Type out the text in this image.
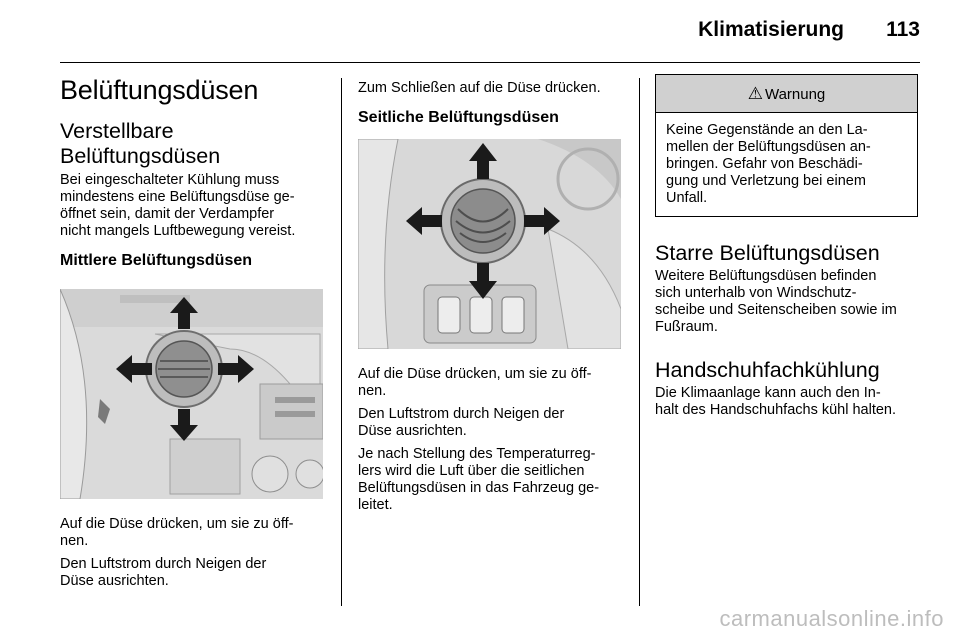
Klimatisierung 113
Belüftungsdüsen
Verstellbare
Belüftungsdüsen

Bei eingeschalteter Kühlung muss
mindestens eine Belüftungsdüse ge-
öffnet sein, damit der Verdampfer
nicht mangels Luftbewegung vereist.

Mittlere Belüftungsdüsen

Auf die Düse drücken, um sie zu öff-
nen.

Den Luftstrom durch Neigen der
Düse ausrichten.

Zum Schließen auf die Düse drücken.

Seitliche Belüftungsdüsen

Auf die Düse drücken, um sie zu öff-
nen.

Den Luftstrom durch Neigen der
Düse ausrichten.

Je nach Stellung des Temperaturreg-
lers wird die Luft über die seitlichen
Belüftungsdüsen in das Fahrzeug ge-
leitet.

⚠ Warnung
Keine Gegenstände an den La-
mellen der Belüftungsdüsen an-
bringen. Gefahr von Beschädi-
gung und Verletzung bei einem
Unfall.
Starre Belüftungsdüsen

Weitere Belüftungsdüsen befinden
sich unterhalb von Windschutz-
scheibe und Seitenscheiben sowie im
Fußraum.

Handschuhfachkühlung

Die Klimaanlage kann auch den In-
halt des Handschuhfachs kühl halten.

carmanualsonline.info
